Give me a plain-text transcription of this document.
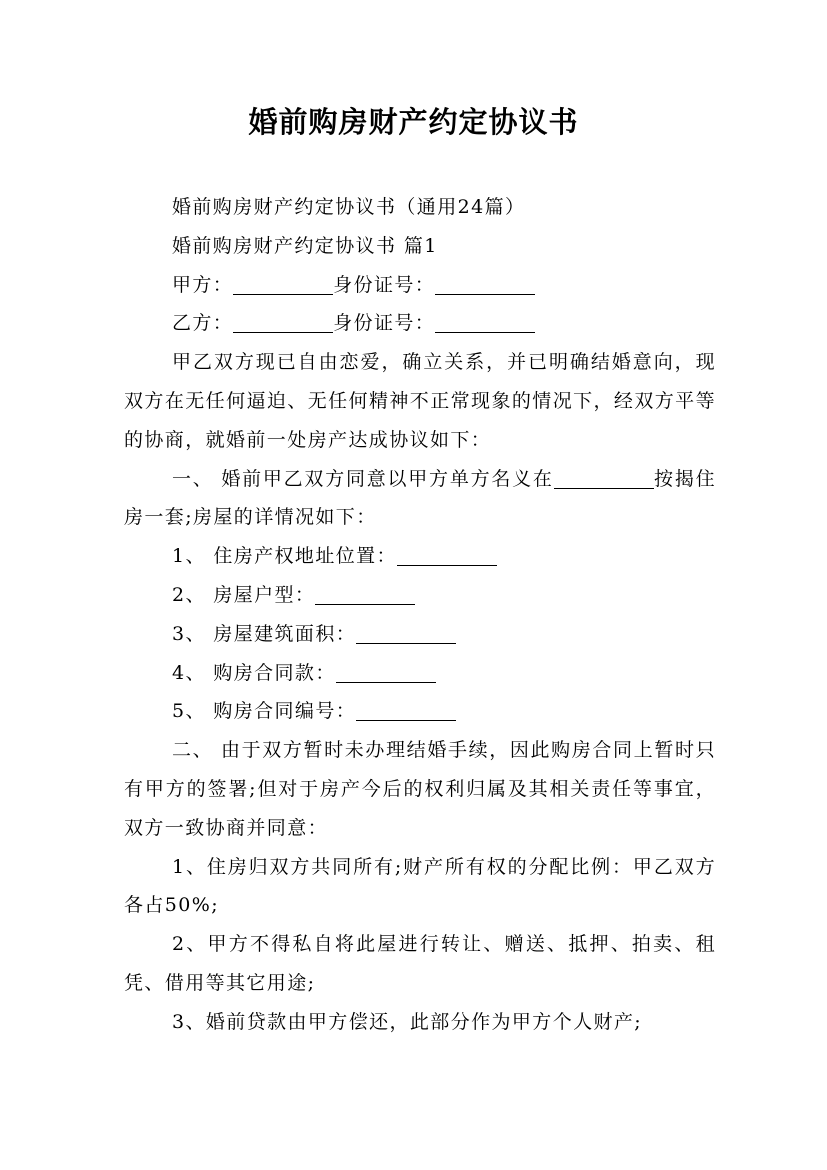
婚前购房财产约定协议书

婚前购房财产约定协议书（通用24篇）

婚前购房财产约定协议书 篇1

甲方：	身份证号：

乙方：	身份证号：

甲乙双方现已自由恋爱，确立关系，并已明确结婚意向，现双方在无任何逼迫、无任何精神不正常现象的情况下，经双方平等的协商，就婚前一处房产达成协议如下：

一、 婚前甲乙双方同意以甲方单方名义在	按揭住房一套;房屋的详情况如下：

1、 住房产权地址位置：

2、 房屋户型：

3、 房屋建筑面积：

4、 购房合同款：

5、 购房合同编号：

二、 由于双方暂时未办理结婚手续，因此购房合同上暂时只有甲方的签署;但对于房产今后的权利归属及其相关责任等事宜，双方一致协商并同意：

1、住房归双方共同所有;财产所有权的分配比例：甲乙双方各占50%;

2、甲方不得私自将此屋进行转让、赠送、抵押、拍卖、租凭、借用等其它用途;

3、婚前贷款由甲方偿还，此部分作为甲方个人财产;
